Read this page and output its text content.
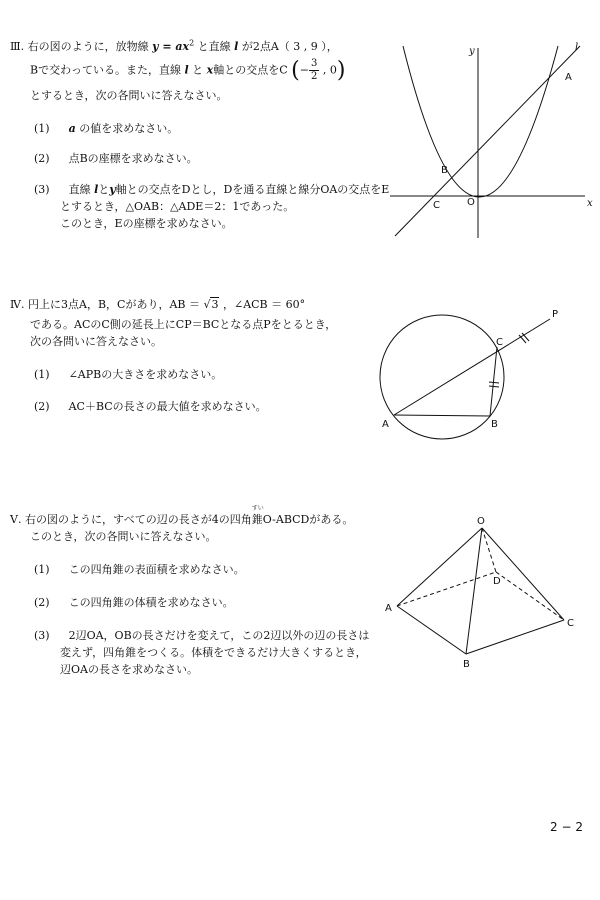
Ⅲ. 右の図のように，放物線 $y = ax^2$ と直線 l が2点A（ 3 , 9 ），
Bで交わっている。また，直線 l と x軸との交点をC (− $\frac{3}{2}$ , 0)
とするとき，次の各問いに答えなさい。
(1) a の値を求めなさい。
(2) 点Bの座標を求めなさい。
(3) 直線 lとy軸との交点をDとし，Dを通る直線と線分OAの交点をE
とするとき，△OAB：△ADE＝2：1であった。
このとき，Eの座標を求めなさい。
y
x
l
A
B
C	O
Ⅳ. 円上に3点A，B，Cがあり，AB ＝ √3 ，∠ACB ＝ 60°
である。ACのC側の延長上にCP＝BCとなる点Pをとるとき，
次の各問いに答えなさい。
(1) ∠APBの大きさを求めなさい。
(2) AC＋BCの長さの最大値を求めなさい。
P
C
A	B
Ⅴ. 右の図のように，すべての辺の長さが4の四角
すい
錐O-ABCDがある。
このとき，次の各問いに答えなさい。
(1) この四角錐の表面積を求めなさい。
(2) この四角錐の体積を求めなさい。
(3) 2辺OA，OBの長さだけを変えて，この2辺以外の辺の長さは
変えず，四角錐をつくる。体積をできるだけ大きくするとき，
辺OAの長さを求めなさい。
O
A
B
C
D
2 − 2
